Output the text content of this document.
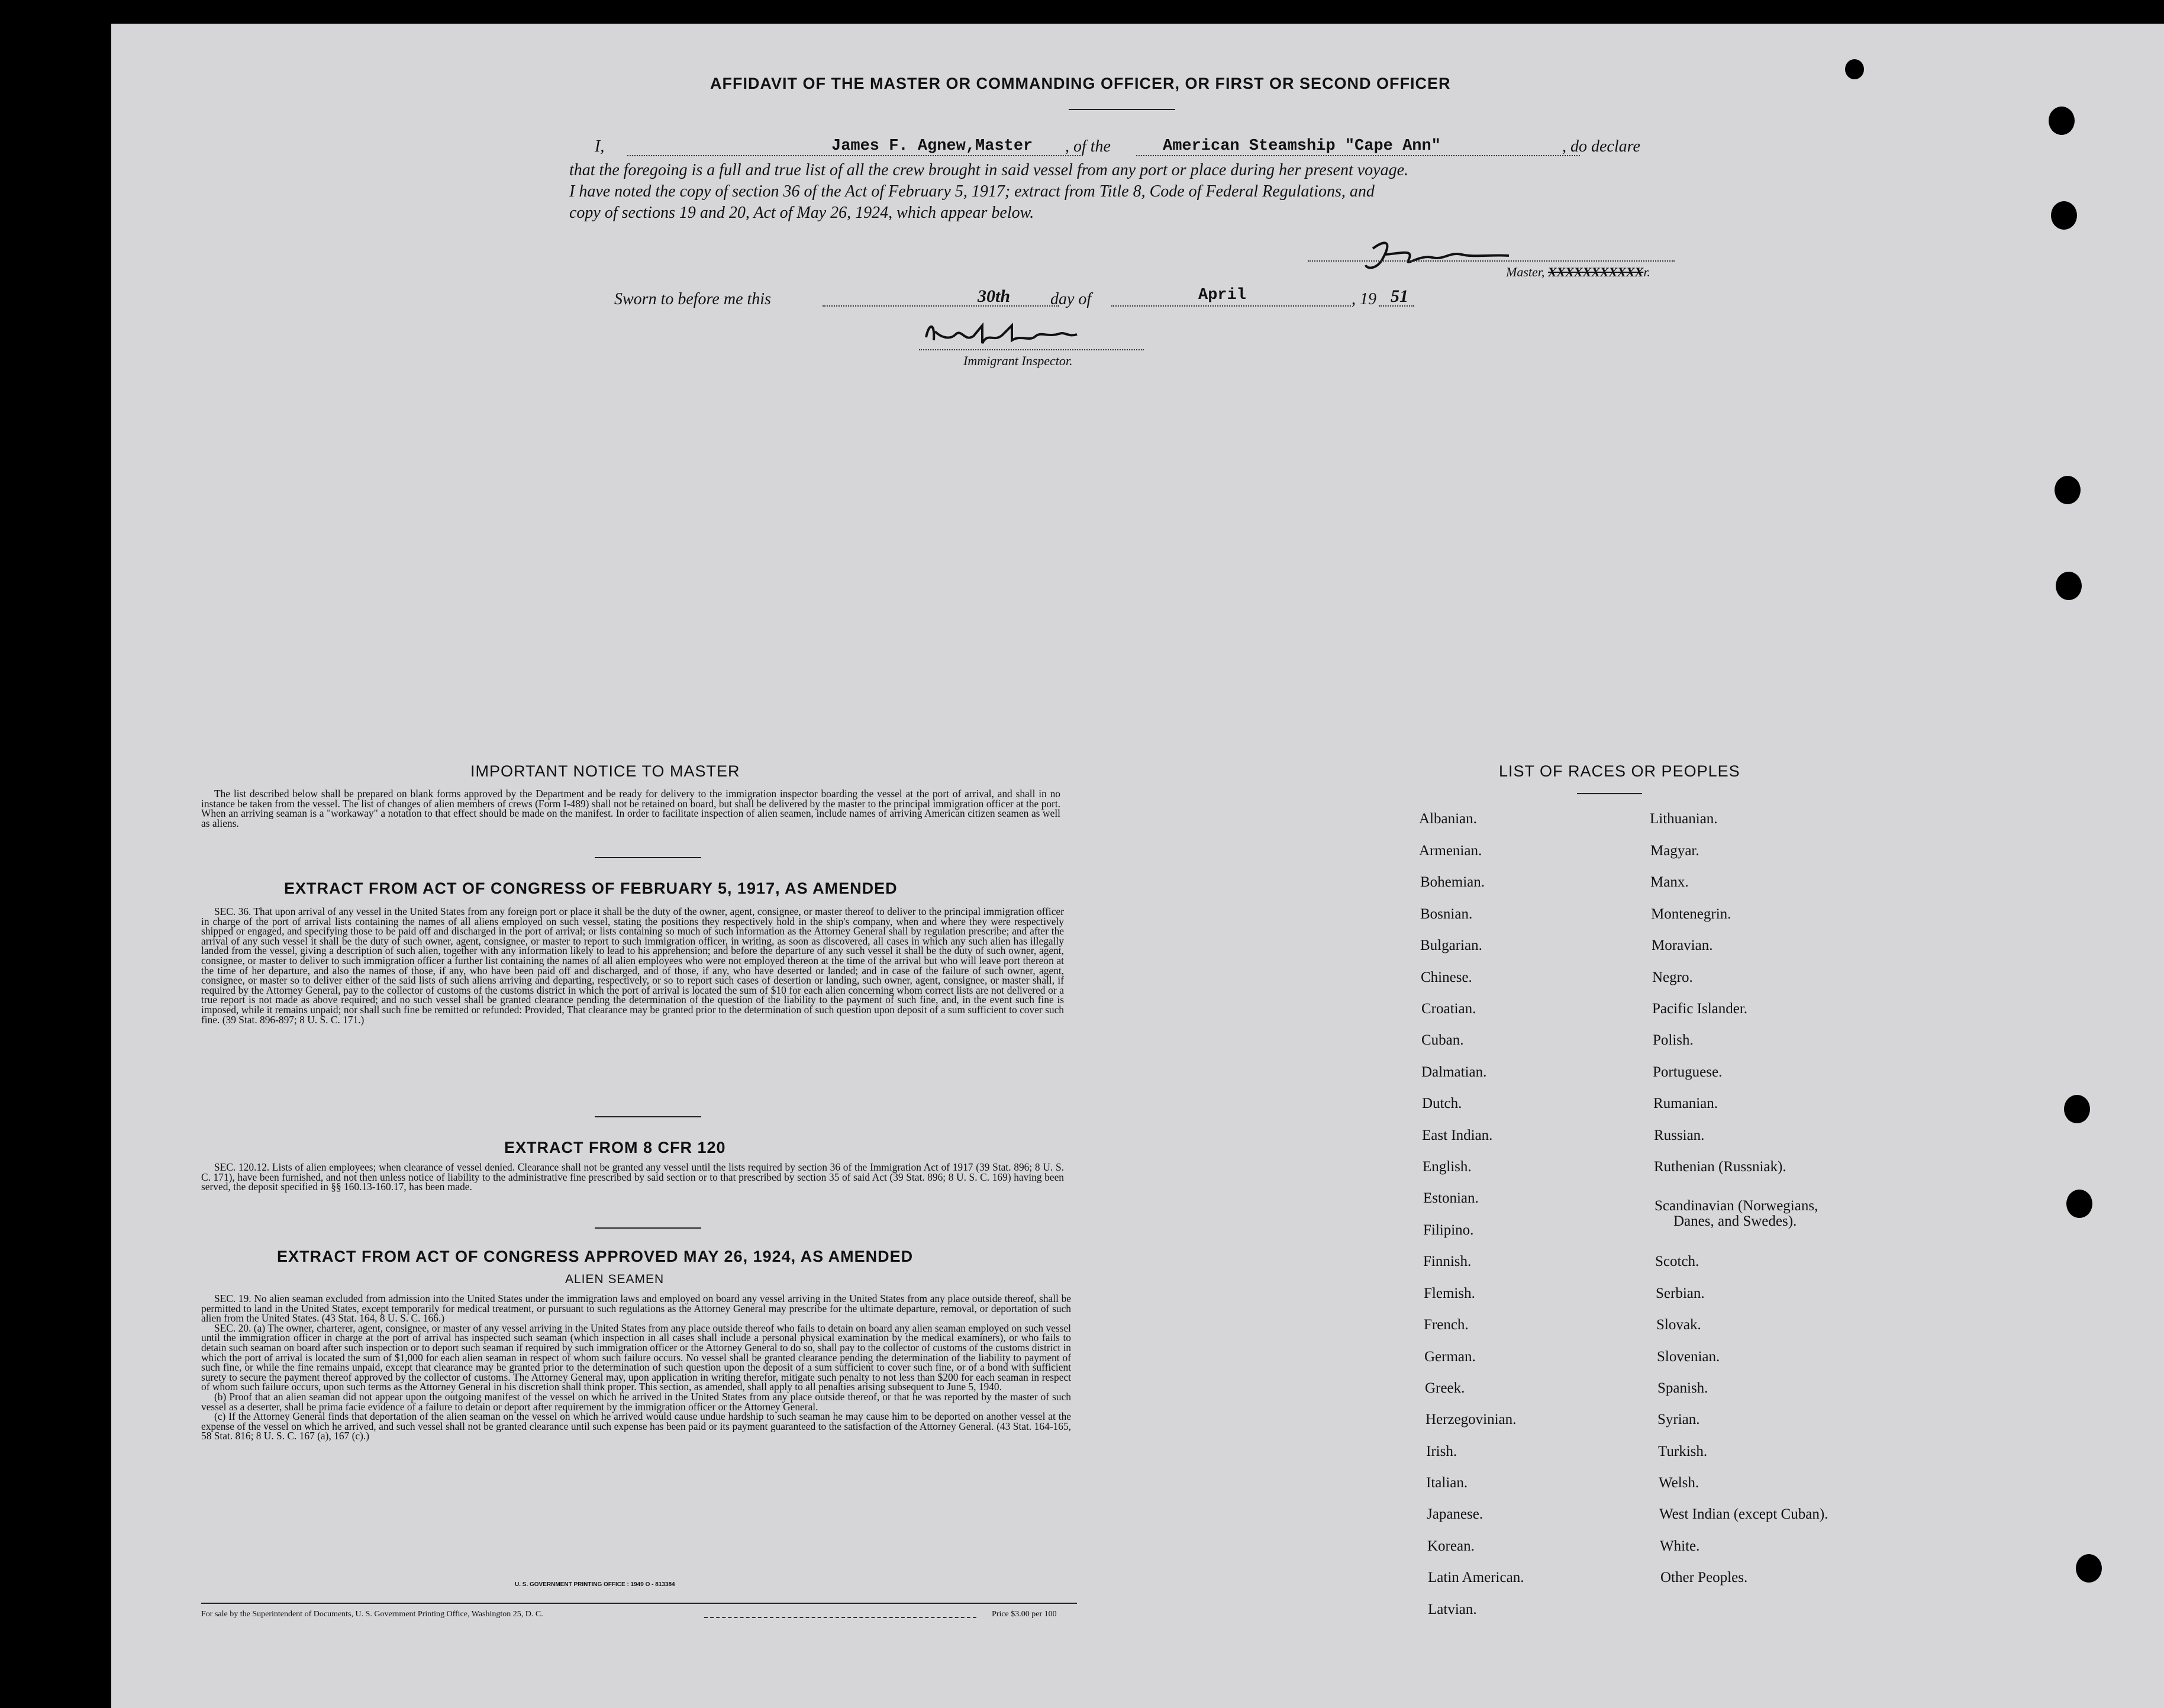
AFFIDAVIT OF THE MASTER OR COMMANDING OFFICER, OR FIRST OR SECOND OFFICER
I,	James F. Agnew,Master , of the	American Steamship "Cape Ann"	, do declare
that the foregoing is a full and true list of all the crew brought in said vessel from any port or place during her present voyage.
I have noted the copy of section 36 of the Act of February 5, 1917; extract from Title 8, Code of Federal Regulations, and
copy of sections 19 and 20, Act of May 26, 1924, which appear below.
Master, XXXXXXXXXXXr.
Sworn to before me this	30th day of	April	, 19 51
Immigrant Inspector.
IMPORTANT NOTICE TO MASTER

The list described below shall be prepared on blank forms approved by the Department and be ready for delivery to the immigration inspector boarding the vessel at the port of arrival, and shall in no instance be taken from the vessel. The list of changes of alien members of crews (Form I-489) shall not be retained on board, but shall be delivered by the master to the principal immigration officer at the port. When an arriving seaman is a "workaway" a notation to that effect should be made on the manifest. In order to facilitate inspection of alien seamen, include names of arriving American citizen seamen as well as aliens.

EXTRACT FROM ACT OF CONGRESS OF FEBRUARY 5, 1917, AS AMENDED

SEC. 36. That upon arrival of any vessel in the United States from any foreign port or place it shall be the duty of the owner, agent, consignee, or master thereof to deliver to the principal immigration officer in charge of the port of arrival lists containing the names of all aliens employed on such vessel, stating the positions they respectively hold in the ship's company, when and where they were respectively shipped or engaged, and specifying those to be paid off and discharged in the port of arrival; or lists containing so much of such information as the Attorney General shall by regulation prescribe; and after the arrival of any such vessel it shall be the duty of such owner, agent, consignee, or master to report to such immigration officer, in writing, as soon as discovered, all cases in which any such alien has illegally landed from the vessel, giving a description of such alien, together with any information likely to lead to his apprehension; and before the departure of any such vessel it shall be the duty of such owner, agent, consignee, or master to deliver to such immigration officer a further list containing the names of all alien employees who were not employed thereon at the time of the arrival but who will leave port thereon at the time of her departure, and also the names of those, if any, who have been paid off and discharged, and of those, if any, who have deserted or landed; and in case of the failure of such owner, agent, consignee, or master so to deliver either of the said lists of such aliens arriving and departing, respectively, or so to report such cases of desertion or landing, such owner, agent, consignee, or master shall, if required by the Attorney General, pay to the collector of customs of the customs district in which the port of arrival is located the sum of $10 for each alien concerning whom correct lists are not delivered or a true report is not made as above required; and no such vessel shall be granted clearance pending the determination of the question of the liability to the payment of such fine, and, in the event such fine is imposed, while it remains unpaid; nor shall such fine be remitted or refunded: Provided, That clearance may be granted prior to the determination of such question upon deposit of a sum sufficient to cover such fine. (39 Stat. 896-897; 8 U. S. C. 171.)

EXTRACT FROM 8 CFR 120

SEC. 120.12. Lists of alien employees; when clearance of vessel denied. Clearance shall not be granted any vessel until the lists required by section 36 of the Immigration Act of 1917 (39 Stat. 896; 8 U. S. C. 171), have been furnished, and not then unless notice of liability to the administrative fine prescribed by said section or to that prescribed by section 35 of said Act (39 Stat. 896; 8 U. S. C. 169) having been served, the deposit specified in §§ 160.13-160.17, has been made.

EXTRACT FROM ACT OF CONGRESS APPROVED MAY 26, 1924, AS AMENDED
ALIEN SEAMEN

SEC. 19. No alien seaman excluded from admission into the United States under the immigration laws and employed on board any vessel arriving in the United States from any place outside thereof, shall be permitted to land in the United States, except temporarily for medical treatment, or pursuant to such regulations as the Attorney General may prescribe for the ultimate departure, removal, or deportation of such alien from the United States. (43 Stat. 164, 8 U. S. C. 166.)

SEC. 20. (a) The owner, charterer, agent, consignee, or master of any vessel arriving in the United States from any place outside thereof who fails to detain on board any alien seaman employed on such vessel until the immigration officer in charge at the port of arrival has inspected such seaman (which inspection in all cases shall include a personal physical examination by the medical examiners), or who fails to detain such seaman on board after such inspection or to deport such seaman if required by such immigration officer or the Attorney General to do so, shall pay to the collector of customs of the customs district in which the port of arrival is located the sum of $1,000 for each alien seaman in respect of whom such failure occurs. No vessel shall be granted clearance pending the determination of the liability to payment of such fine, or while the fine remains unpaid, except that clearance may be granted prior to the determination of such question upon the deposit of a sum sufficient to cover such fine, or of a bond with sufficient surety to secure the payment thereof approved by the collector of customs. The Attorney General may, upon application in writing therefor, mitigate such penalty to not less than $200 for each seaman in respect of whom such failure occurs, upon such terms as the Attorney General in his discretion shall think proper. This section, as amended, shall apply to all penalties arising subsequent to June 5, 1940.

(b) Proof that an alien seaman did not appear upon the outgoing manifest of the vessel on which he arrived in the United States from any place outside thereof, or that he was reported by the master of such vessel as a deserter, shall be prima facie evidence of a failure to detain or deport after requirement by the immigration officer or the Attorney General.

(c) If the Attorney General finds that deportation of the alien seaman on the vessel on which he arrived would cause undue hardship to such seaman he may cause him to be deported on another vessel at the expense of the vessel on which he arrived, and such vessel shall not be granted clearance until such expense has been paid or its payment guaranteed to the satisfaction of the Attorney General. (43 Stat. 164-165, 58 Stat. 816; 8 U. S. C. 167 (a), 167 (c).)

U. S. GOVERNMENT PRINTING OFFICE : 1949 O - 813384
For sale by the Superintendent of Documents, U. S. Government Printing Office, Washington 25, D. C.	Price $3.00 per 100
LIST OF RACES OR PEOPLES
Albanian.
Armenian.
Bohemian.
Bosnian.
Bulgarian.
Chinese.
Croatian.
Cuban.
Dalmatian.
Dutch.
East Indian.
English.
Estonian.
Filipino.
Finnish.
Flemish.
French.
German.
Greek.
Herzegovinian.
Irish.
Italian.
Japanese.
Korean.
Latin American.
Latvian.
Lithuanian.
Magyar.
Manx.
Montenegrin.
Moravian.
Negro.
Pacific Islander.
Polish.
Portuguese.
Rumanian.
Russian.
Ruthenian (Russniak).
Scandinavian (Norwegians,
Danes, and Swedes).
Scotch.
Serbian.
Slovak.
Slovenian.
Spanish.
Syrian.
Turkish.
Welsh.
West Indian (except Cuban).
White.
Other Peoples.
